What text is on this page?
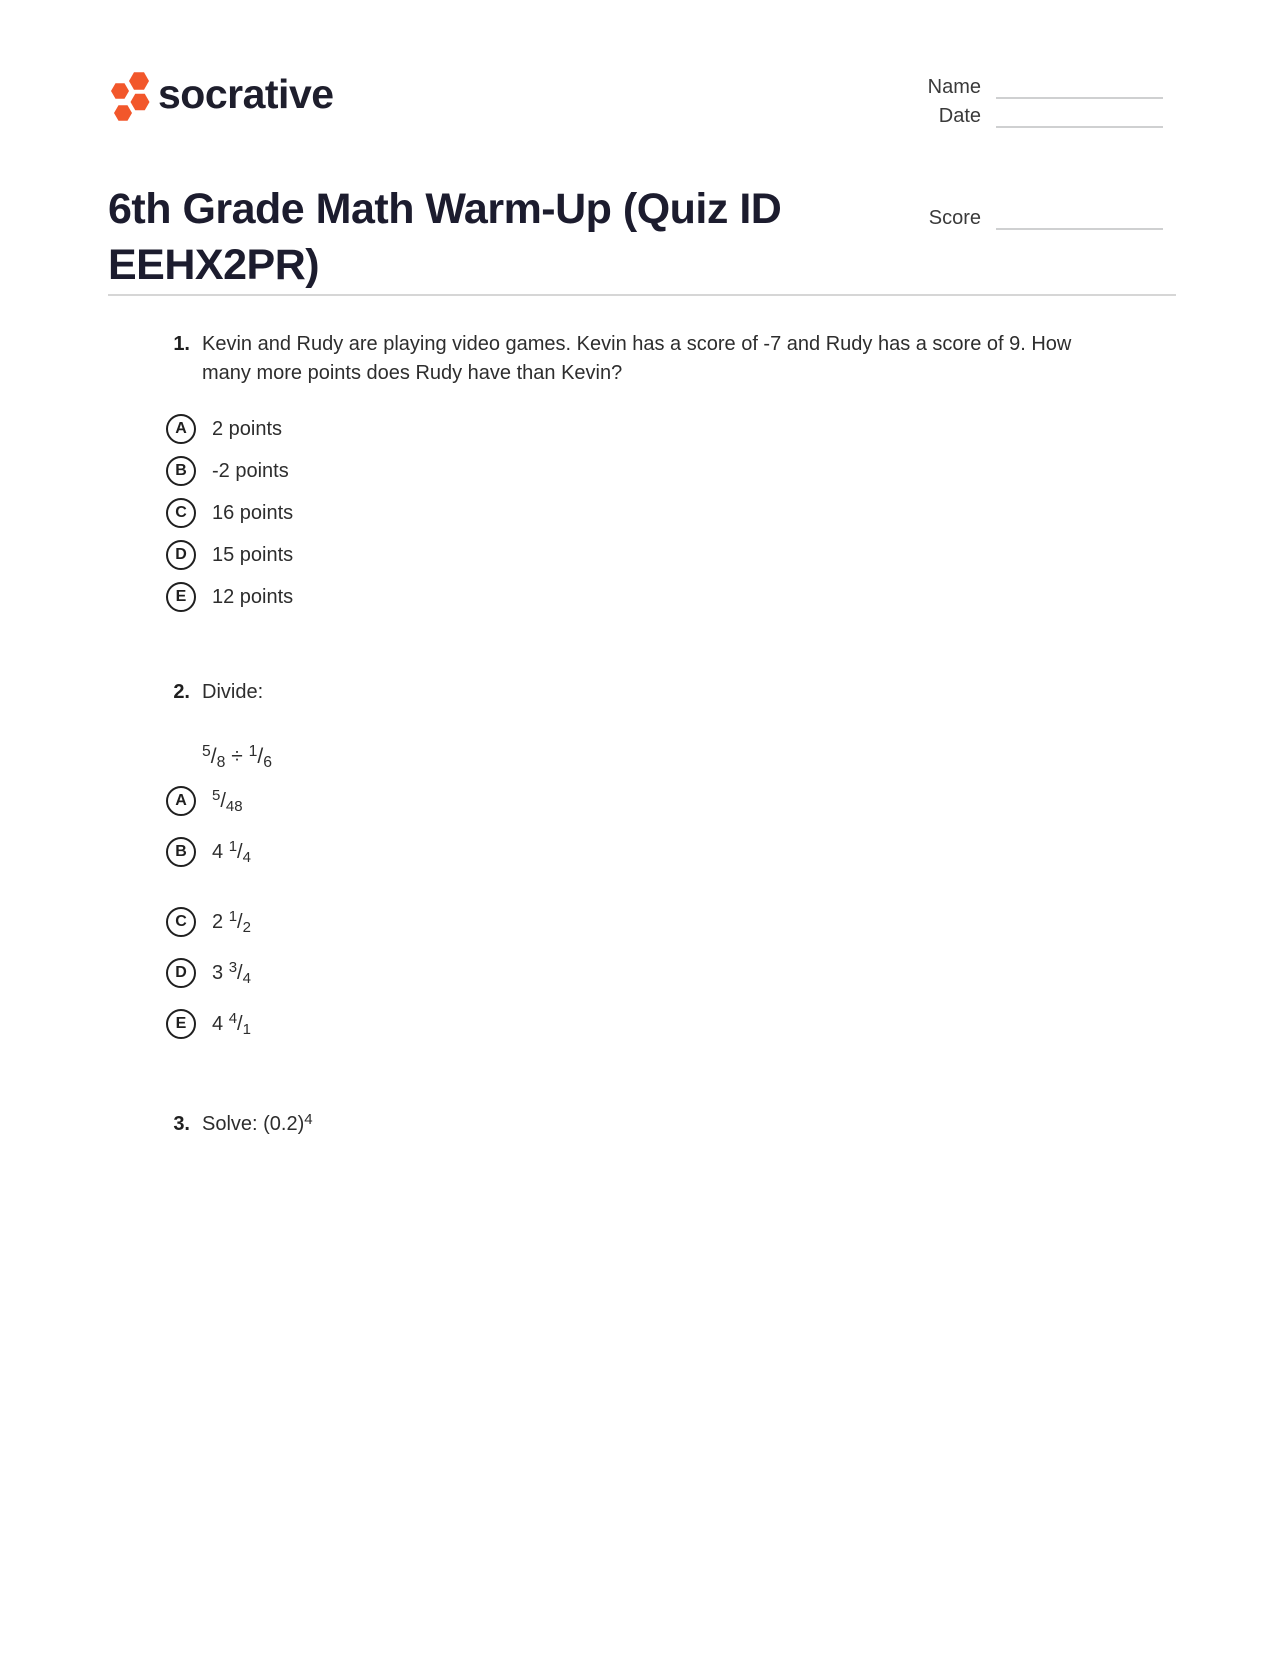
socrative	Name
Date
Score
6th Grade Math Warm-Up (Quiz ID EEHX2PR)
1. Kevin and Rudy are playing video games. Kevin has a score of -7 and Rudy has a score of 9. How many more points does Rudy have than Kevin?
A	2 points
B	-2 points
C	16 points
D	15 points
E	12 points
2. Divide:
$^5/_8 \div ^1/_6$
A	$^5/_{48}$
B	4 $^1/_4$
C	2 $^1/_2$
D	3 $^3/_4$
E	4 $^4/_1$
3. Solve: $(0.2)^4$
